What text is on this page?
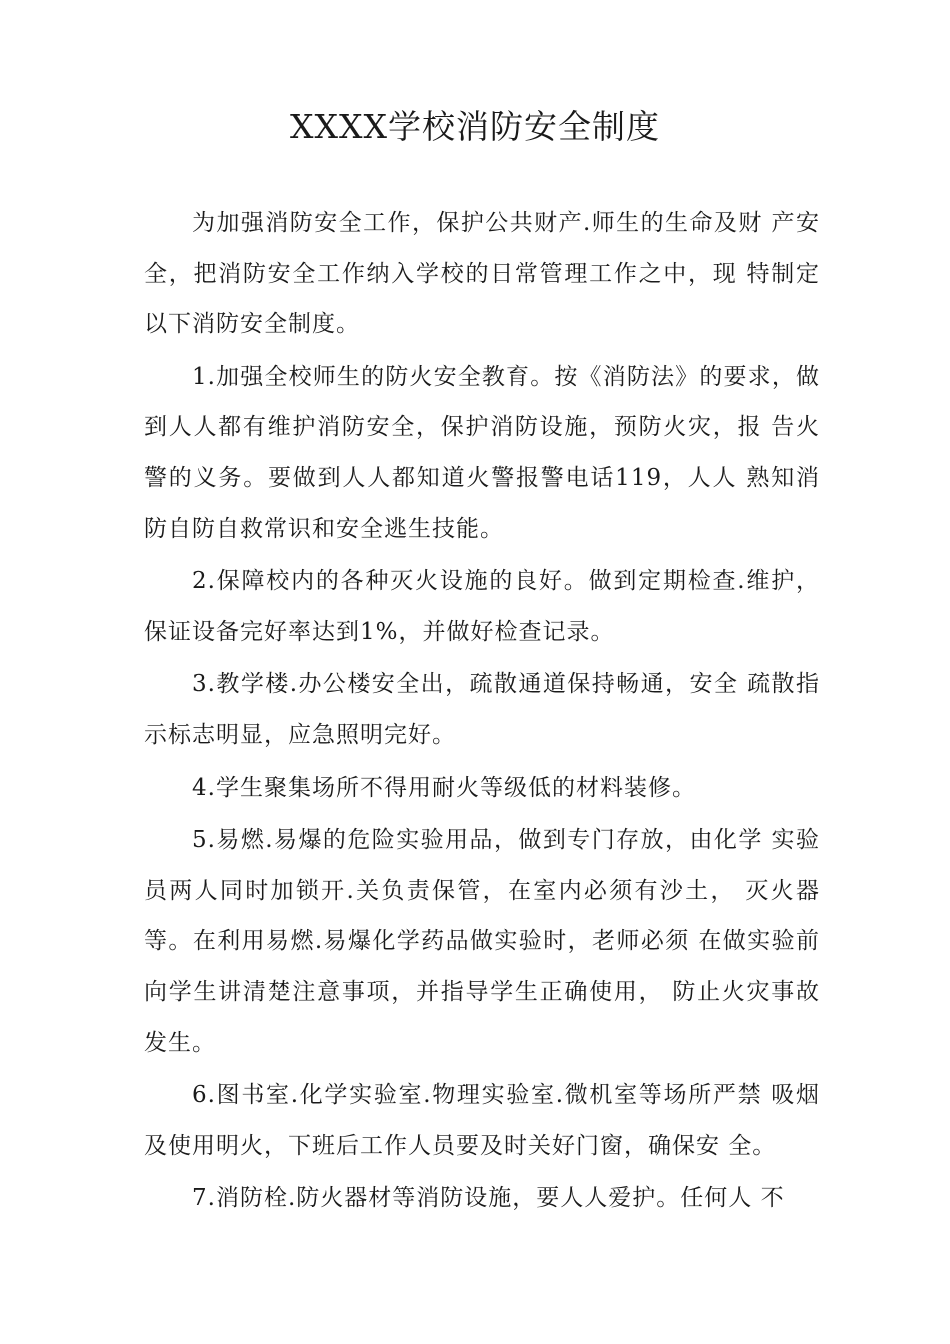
XXXX学校消防安全制度

为加强消防安全工作，保护公共财产.师生的生命及财 产安全，把消防安全工作纳入学校的日常管理工作之中，现 特制定以下消防安全制度。

1.加强全校师生的防火安全教育。按《消防法》的要求，做到人人都有维护消防安全，保护消防设施，预防火灾，报 告火警的义务。要做到人人都知道火警报警电话119，人人 熟知消防自防自救常识和安全逃生技能。

2.保障校内的各种灭火设施的良好。做到定期检查.维护，保证设备完好率达到1%，并做好检查记录。

3.教学楼.办公楼安全出，疏散通道保持畅通，安全 疏散指示标志明显，应急照明完好。

4.学生聚集场所不得用耐火等级低的材料装修。

5.易燃.易爆的危险实验用品，做到专门存放，由化学 实验员两人同时加锁开.关负责保管，在室内必须有沙土， 灭火器等。在利用易燃.易爆化学药品做实验时，老师必须 在做实验前向学生讲清楚注意事项，并指导学生正确使用， 防止火灾事故发生。

6.图书室.化学实验室.物理实验室.微机室等场所严禁 吸烟及使用明火，下班后工作人员要及时关好门窗，确保安 全。

7.消防栓.防火器材等消防设施，要人人爱护。任何人 不
